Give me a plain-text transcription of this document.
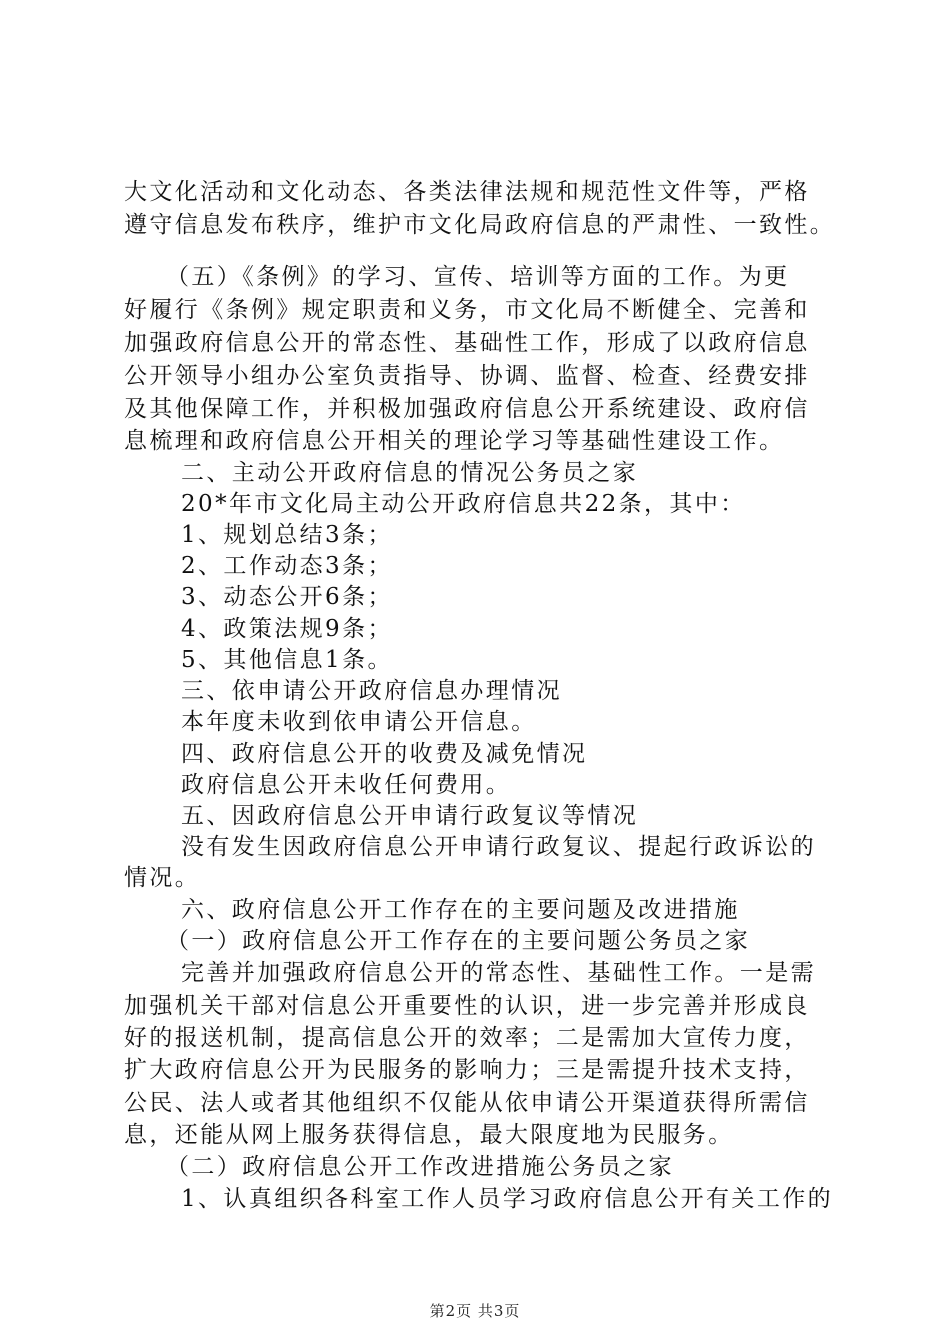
大文化活动和文化动态、各类法律法规和规范性文件等，严格
遵守信息发布秩序，维护市文化局政府信息的严肃性、一致性。
（五）《条例》的学习、宣传、培训等方面的工作。为更
好履行《条例》规定职责和义务，市文化局不断健全、完善和
加强政府信息公开的常态性、基础性工作，形成了以政府信息
公开领导小组办公室负责指导、协调、监督、检查、经费安排
及其他保障工作，并积极加强政府信息公开系统建设、政府信
息梳理和政府信息公开相关的理论学习等基础性建设工作。
二、主动公开政府信息的情况公务员之家
20*年市文化局主动公开政府信息共22条，其中：
1、规划总结3条；
2、工作动态3条；
3、动态公开6条；
4、政策法规9条；
5、其他信息1条。
三、依申请公开政府信息办理情况
本年度未收到依申请公开信息。
四、政府信息公开的收费及减免情况
政府信息公开未收任何费用。
五、因政府信息公开申请行政复议等情况
没有发生因政府信息公开申请行政复议、提起行政诉讼的
情况。
六、政府信息公开工作存在的主要问题及改进措施
（一）政府信息公开工作存在的主要问题公务员之家
完善并加强政府信息公开的常态性、基础性工作。一是需
加强机关干部对信息公开重要性的认识，进一步完善并形成良
好的报送机制，提高信息公开的效率；二是需加大宣传力度，
扩大政府信息公开为民服务的影响力；三是需提升技术支持，
公民、法人或者其他组织不仅能从依申请公开渠道获得所需信
息，还能从网上服务获得信息，最大限度地为民服务。
（二）政府信息公开工作改进措施公务员之家
1、认真组织各科室工作人员学习政府信息公开有关工作的
第2页 共3页
